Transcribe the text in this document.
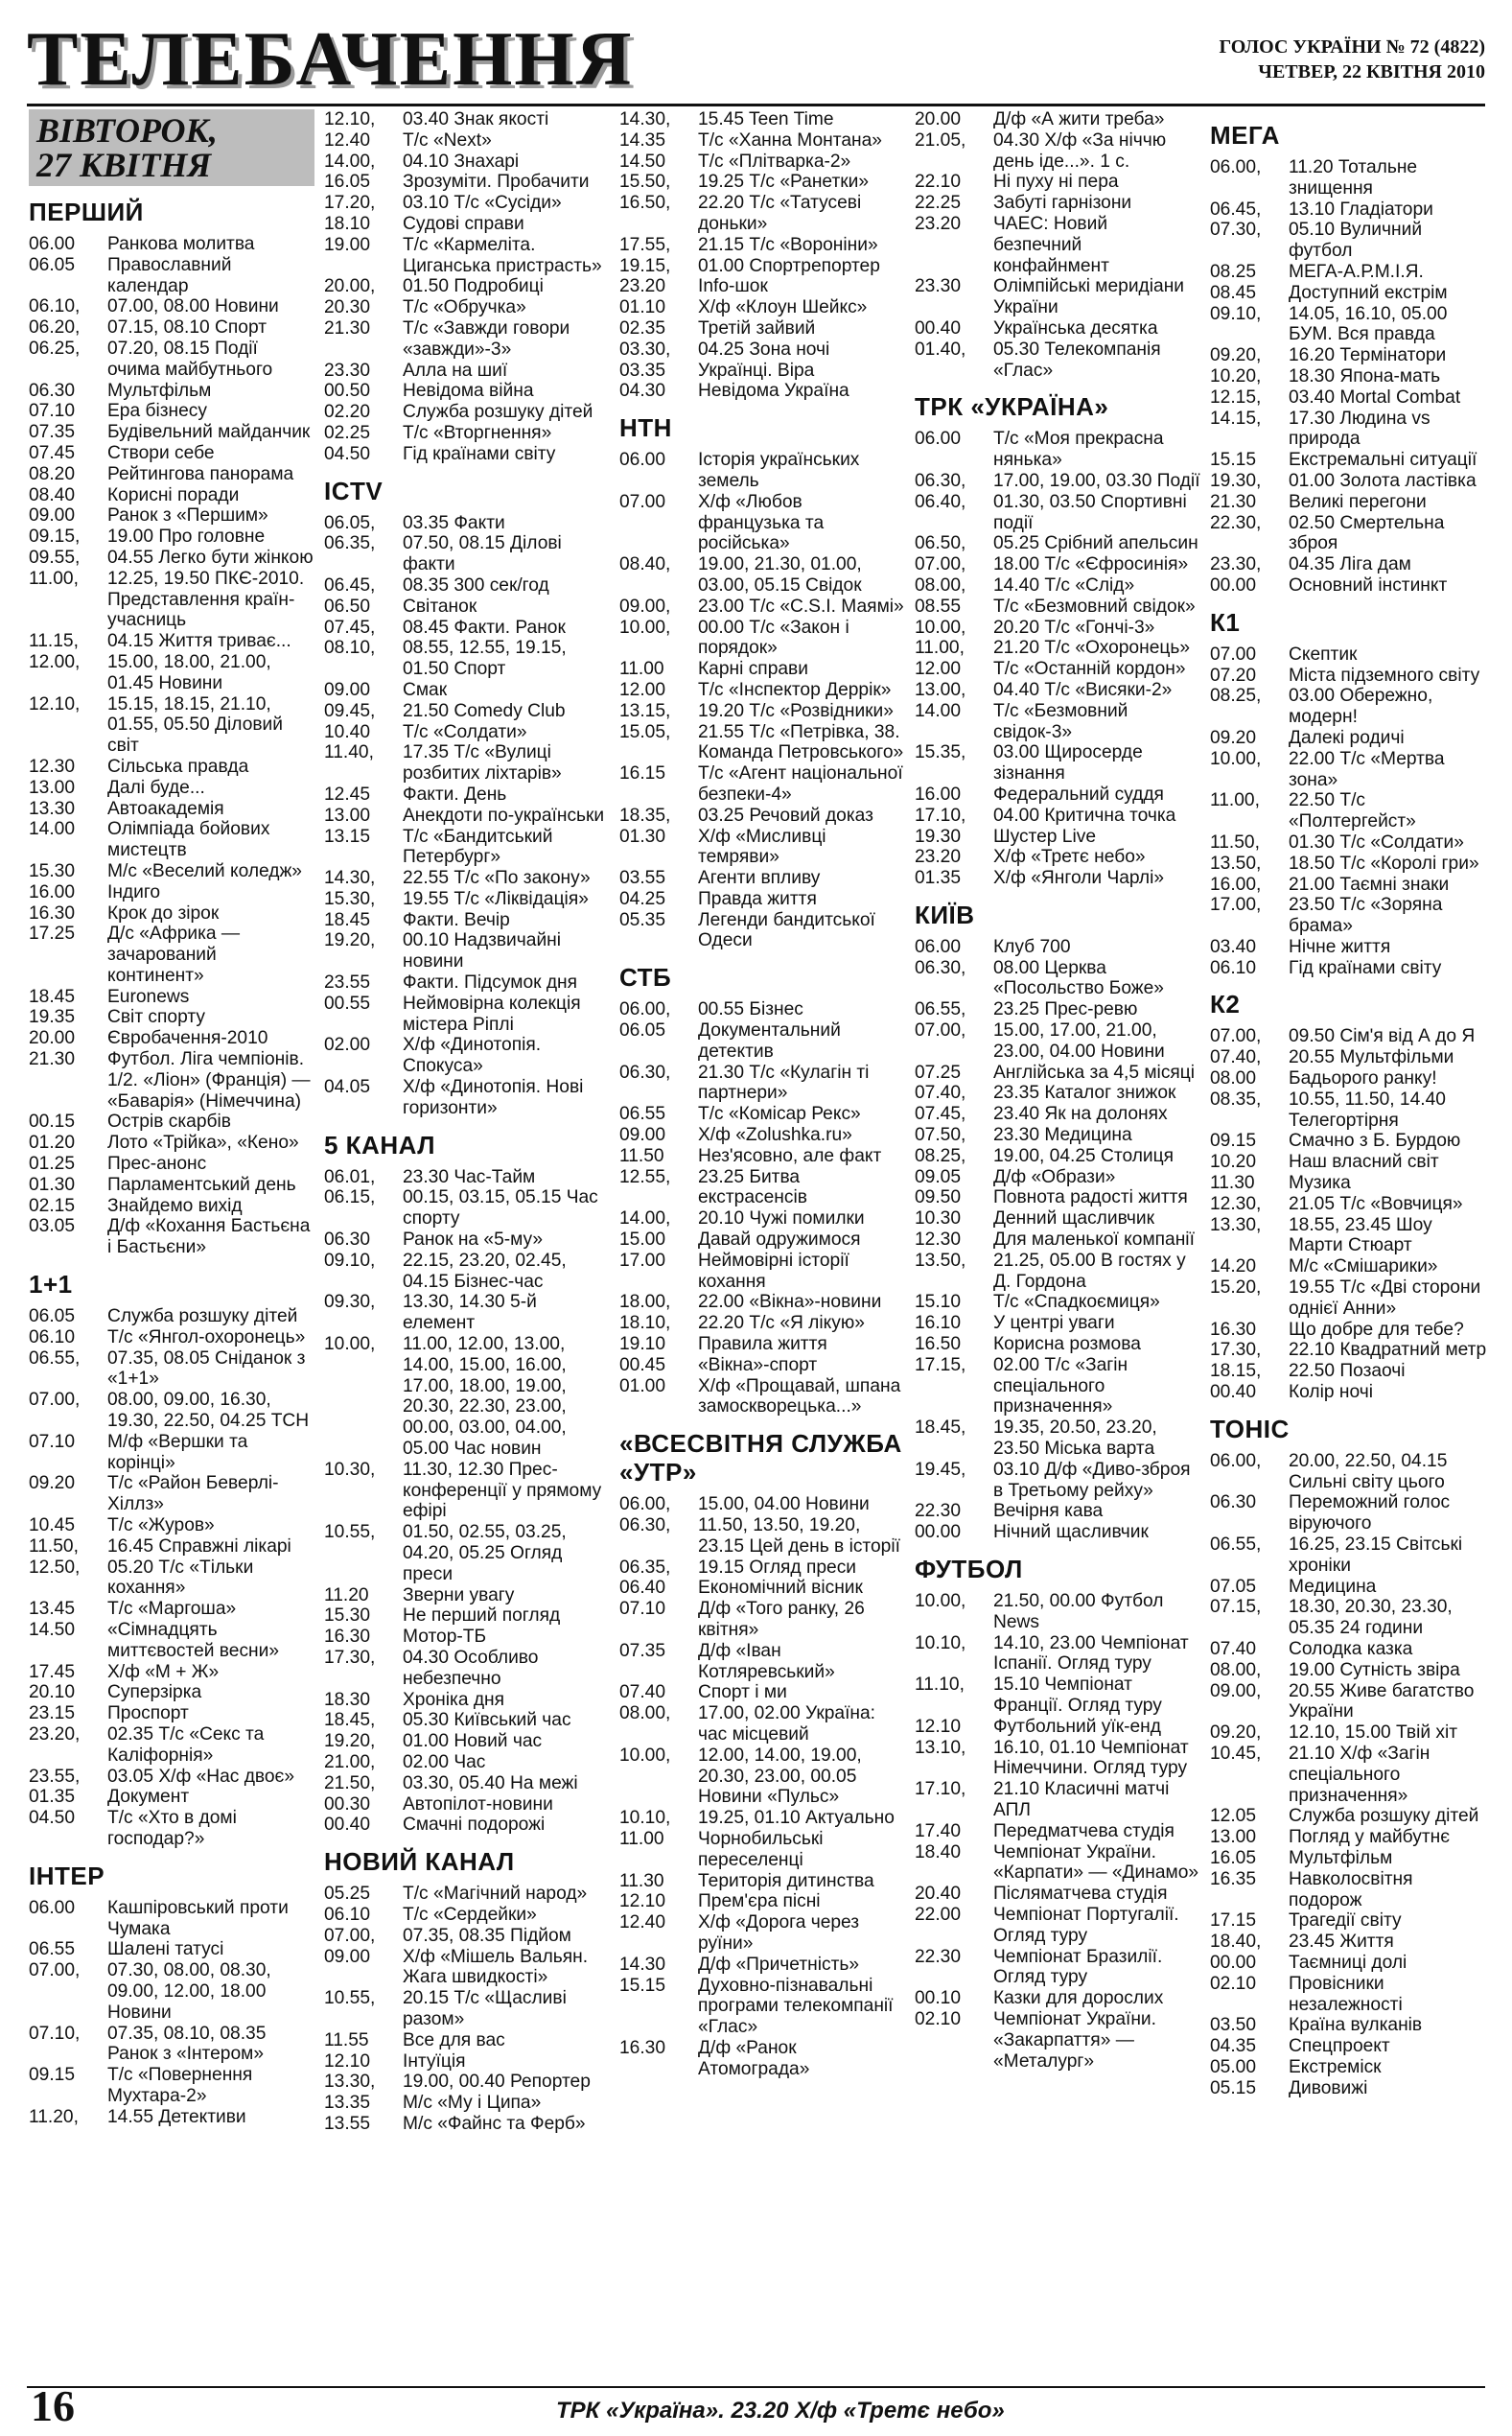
ТЕЛЕБАЧЕННЯ	ГОЛОС УКРАЇНИ № 72 (4822)
ЧЕТВЕР, 22 КВІТНЯ 2010
ВІВТОРОК,
27 КВІТНЯ
ПЕРШИЙ
06.00	Ранкова молитва
06.05	Православний календар
06.10,	07.00, 08.00 Новини
06.20,	07.15, 08.10 Спорт
06.25,	07.20, 08.15 Події очима майбутнього
06.30	Мультфільм
07.10	Ера бізнесу
07.35	Будівельний майданчик
07.45	Створи себе
08.20	Рейтингова панорама
08.40	Корисні поради
09.00	Ранок з «Першим»
09.15,	19.00 Про головне
09.55,	04.55 Легко бути жінкою
11.00,	12.25, 19.50 ПКЄ-2010. Представлення країн-учасниць
11.15,	04.15 Життя триває...
12.00,	15.00, 18.00, 21.00, 01.45 Новини
12.10,	15.15, 18.15, 21.10, 01.55, 05.50 Діловий світ
12.30	Сільська правда
13.00	Далі буде...
13.30	Автоакадемія
14.00	Олімпіада бойових мистецтв
15.30	М/с «Веселий коледж»
16.00	Індиго
16.30	Крок до зірок
17.25	Д/с «Африка — зачарований континент»
18.45	Euronews
19.35	Світ спорту
20.00	Євробачення-2010
21.30	Футбол. Ліга чемпіонів. 1/2. «Ліон» (Франція) — «Баварія» (Німеччина)
00.15	Острів скарбів
01.20	Лото «Трійка», «Кено»
01.25	Прес-анонс
01.30	Парламентський день
02.15	Знайдемо вихід
03.05	Д/ф «Кохання Бастьєна і Бастьєни»
1+1
06.05	Служба розшуку дітей
06.10	Т/с «Янгол-охоронець»
06.55,	07.35, 08.05 Сніданок з «1+1»
07.00,	08.00, 09.00, 16.30, 19.30, 22.50, 04.25 ТСН
07.10	М/ф «Вершки та корінці»
09.20	Т/с «Район Беверлі-Хіллз»
10.45	Т/с «Журов»
11.50,	16.45 Справжні лікарі
12.50,	05.20 Т/с «Тільки кохання»
13.45	Т/с «Маргоша»
14.50	«Сімнадцять миттєвостей весни»
17.45	Х/ф «М + Ж»
20.10	Суперзірка
23.15	Проспорт
23.20,	02.35 Т/с «Секс та Каліфорнія»
23.55,	03.05 Х/ф «Нас двоє»
01.35	Документ
04.50	Т/с «Хто в домі господар?»
ІНТЕР
06.00	Кашпіровський проти Чумака
06.55	Шалені татусі
07.00,	07.30, 08.00, 08.30, 09.00, 12.00, 18.00 Новини
07.10,	07.35, 08.10, 08.35 Ранок з «Інтером»
09.15	Т/с «Повернення Мухтара-2»
11.20,	14.55 Детективи
12.10,	03.40 Знак якості
12.40	Т/с «Next»
14.00,	04.10 Знахарі
16.05	Зрозуміти. Пробачити
17.20,	03.10 Т/с «Сусіди»
18.10	Судові справи
19.00	Т/с «Кармеліта. Циганська пристрасть»
20.00,	01.50 Подробиці
20.30	Т/с «Обручка»
21.30	Т/с «Завжди говори «завжди»-3»
23.30	Алла на шиї
00.50	Невідома війна
02.20	Служба розшуку дітей
02.25	Т/с «Вторгнення»
04.50	Гід країнами світу
ICTV
06.05,	03.35 Факти
06.35,	07.50, 08.15 Ділові факти
06.45,	08.35 300 сек/год
06.50	Світанок
07.45,	08.45 Факти. Ранок
08.10,	08.55, 12.55, 19.15, 01.50 Спорт
09.00	Смак
09.45,	21.50 Comedy Club
10.40	Т/с «Солдати»
11.40,	17.35 Т/с «Вулиці розбитих ліхтарів»
12.45	Факти. День
13.00	Анекдоти по-українськи
13.15	Т/с «Бандитський Петербург»
14.30,	22.55 Т/с «По закону»
15.30,	19.55 Т/с «Ліквідація»
18.45	Факти. Вечір
19.20,	00.10 Надзвичайні новини
23.55	Факти. Підсумок дня
00.55	Неймовірна колекція містера Ріплі
02.00	Х/ф «Динотопія. Спокуса»
04.05	Х/ф «Динотопія. Нові горизонти»
5 КАНАЛ
06.01,	23.30 Час-Тайм
06.15,	00.15, 03.15, 05.15 Час спорту
06.30	Ранок на «5-му»
09.10,	22.15, 23.20, 02.45, 04.15 Бізнес-час
09.30,	13.30, 14.30 5-й елемент
10.00,	11.00, 12.00, 13.00, 14.00, 15.00, 16.00, 17.00, 18.00, 19.00, 20.30, 22.30, 23.00, 00.00, 03.00, 04.00, 05.00 Час новин
10.30,	11.30, 12.30 Прес-конференції у прямому ефірі
10.55,	01.50, 02.55, 03.25, 04.20, 05.25 Огляд преси
11.20	Зверни увагу
15.30	Не перший погляд
16.30	Мотор-ТБ
17.30,	04.30 Особливо небезпечно
18.30	Хроніка дня
18.45,	05.30 Київський час
19.20,	01.00 Новий час
21.00,	02.00 Час
21.50,	03.30, 05.40 На межі
00.30	Автопілот-новини
00.40	Смачні подорожі
НОВИЙ КАНАЛ
05.25	Т/с «Магічний народ»
06.10	Т/с «Сердейки»
07.00,	07.35, 08.35 Підйом
09.00	Х/ф «Мішель Вальян. Жага швидкості»
10.55,	20.15 Т/с «Щасливі разом»
11.55	Все для вас
12.10	Інтуїція
13.30,	19.00, 00.40 Репортер
13.35	М/с «Му і Ципа»
13.55	М/с «Файнс та Ферб»
14.30,	15.45 Teen Time
14.35	Т/с «Ханна Монтана»
14.50	Т/с «Плітварка-2»
15.50,	19.25 Т/с «Ранетки»
16.50,	22.20 Т/с «Татусеві доньки»
17.55,	21.15 Т/с «Вороніни»
19.15,	01.00 Спортрепортер
23.20	Info-шок
01.10	Х/ф «Клоун Шейкс»
02.35	Третій зайвий
03.30,	04.25 Зона ночі
03.35	Українці. Віра
04.30	Невідома Україна
НТН
06.00	Історія українських земель
07.00	Х/ф «Любов французька та російська»
08.40,	19.00, 21.30, 01.00, 03.00, 05.15 Свідок
09.00,	23.00 Т/с «C.S.I. Маямі»
10.00,	00.00 Т/с «Закон і порядок»
11.00	Карні справи
12.00	Т/с «Інспектор Деррік»
13.15,	19.20 Т/с «Розвідники»
15.05,	21.55 Т/с «Петрівка, 38. Команда Петровського»
16.15	Т/с «Агент національної безпеки-4»
18.35,	03.25 Речовий доказ
01.30	Х/ф «Мисливці темряви»
03.55	Агенти впливу
04.25	Правда життя
05.35	Легенди бандитської Одеси
СТБ
06.00,	00.55 Бізнес
06.05	Документальний детектив
06.30,	21.30 Т/с «Кулагін ті партнери»
06.55	Т/с «Комісар Рекс»
09.00	Х/ф «Zolushka.ru»
11.50	Нез'ясовно, але факт
12.55,	23.25 Битва екстрасенсів
14.00,	20.10 Чужі помилки
15.00	Давай одружимося
17.00	Неймовірні історії кохання
18.00,	22.00 «Вікна»-новини
18.10,	22.20 Т/с «Я лікую»
19.10	Правила життя
00.45	«Вікна»-спорт
01.00	Х/ф «Прощавай, шпана замоскворецька...»
«ВСЕСВІТНЯ СЛУЖБА «УТР»
06.00,	15.00, 04.00 Новини
06.30,	11.50, 13.50, 19.20, 23.15 Цей день в історії
06.35,	19.15 Огляд преси
06.40	Економічний вісник
07.10	Д/ф «Того ранку, 26 квітня»
07.35	Д/ф «Іван Котляревський»
07.40	Спорт і ми
08.00,	17.00, 02.00 Україна: час місцевий
10.00,	12.00, 14.00, 19.00, 20.30, 23.00, 00.05 Новини «Пульс»
10.10,	19.25, 01.10 Актуально
11.00	Чорнобильські переселенці
11.30	Територія дитинства
12.10	Прем'єра пісні
12.40	Х/ф «Дорога через руїни»
14.30	Д/ф «Причетність»
15.15	Духовно-пізнавальні програми телекомпанії «Глас»
16.30	Д/ф «Ранок Атомограда»
20.00	Д/ф «А жити треба»
21.05,	04.30 Х/ф «За ніччю день іде...». 1 с.
22.10	Ні пуху ні пера
22.25	Забуті гарнізони
23.20	ЧАЕС: Новий безпечний конфайнмент
23.30	Олімпійські меридіани України
00.40	Українська десятка
01.40,	05.30 Телекомпанія «Глас»
ТРК «УКРАЇНА»
06.00	Т/с «Моя прекрасна нянька»
06.30,	17.00, 19.00, 03.30 Події
06.40,	01.30, 03.50 Спортивні події
06.50,	05.25 Срібний апельсин
07.00,	18.00 Т/с «Єфросинія»
08.00,	14.40 Т/с «Слід»
08.55	Т/с «Безмовний свідок»
10.00,	20.20 Т/с «Гончі-3»
11.00,	21.20 Т/с «Охоронець»
12.00	Т/с «Останній кордон»
13.00,	04.40 Т/с «Висяки-2»
14.00	Т/с «Безмовний свідок-3»
15.35,	03.00 Щиросерде зізнання
16.00	Федеральний суддя
17.10,	04.00 Критична точка
19.30	Шустер Live
23.20	Х/ф «Третє небо»
01.35	Х/ф «Янголи Чарлі»
КИЇВ
06.00	Клуб 700
06.30,	08.00 Церква «Посольство Боже»
06.55,	23.25 Прес-ревю
07.00,	15.00, 17.00, 21.00, 23.00, 04.00 Новини
07.25	Англійська за 4,5 місяці
07.40,	23.35 Каталог знижок
07.45,	23.40 Як на долонях
07.50,	23.30 Медицина
08.25,	19.00, 04.25 Столиця
09.05	Д/ф «Образи»
09.50	Повнота радості життя
10.30	Денний щасливчик
12.30	Для маленької компанії
13.50,	21.25, 05.00 В гостях у Д. Гордона
15.10	Т/с «Спадкоємиця»
16.10	У центрі уваги
16.50	Корисна розмова
17.15,	02.00 Т/с «Загін спеціального призначення»
18.45,	19.35, 20.50, 23.20, 23.50 Міська варта
19.45,	03.10 Д/ф «Диво-зброя в Третьому рейху»
22.30	Вечірня кава
00.00	Нічний щасливчик
ФУТБОЛ
10.00,	21.50, 00.00 Футбол News
10.10,	14.10, 23.00 Чемпіонат Іспанії. Огляд туру
11.10,	15.10 Чемпіонат Франції. Огляд туру
12.10	Футбольний уїк-енд
13.10,	16.10, 01.10 Чемпіонат Німеччини. Огляд туру
17.10,	21.10 Класичні матчі АПЛ
17.40	Передматчева студія
18.40	Чемпіонат України. «Карпати» — «Динамо»
20.40	Післяматчева студія
22.00	Чемпіонат Португалії. Огляд туру
22.30	Чемпіонат Бразилії. Огляд туру
00.10	Казки для дорослих
02.10	Чемпіонат України. «Закарпаття» — «Металург»
МЕГА
06.00,	11.20 Тотальне знищення
06.45,	13.10 Гладіатори
07.30,	05.10 Вуличний футбол
08.25	МЕГА-А.Р.М.І.Я.
08.45	Доступний екстрім
09.10,	14.05, 16.10, 05.00 БУМ. Вся правда
09.20,	16.20 Термінатори
10.20,	18.30 Япона-мать
12.15,	03.40 Mortal Combat
14.15,	17.30 Людина vs природа
15.15	Екстремальні ситуації
19.30,	01.00 Золота ластівка
21.30	Великі перегони
22.30,	02.50 Смертельна зброя
23.30,	04.35 Ліга дам
00.00	Основний інстинкт
К1
07.00	Скептик
07.20	Міста підземного світу
08.25,	03.00 Обережно, модерн!
09.20	Далекі родичі
10.00,	22.00 Т/с «Мертва зона»
11.00,	22.50 Т/с «Полтергейст»
11.50,	01.30 Т/с «Солдати»
13.50,	18.50 Т/с «Королі гри»
16.00,	21.00 Таємні знаки
17.00,	23.50 Т/с «Зоряна брама»
03.40	Нічне життя
06.10	Гід країнами світу
К2
07.00,	09.50 Сім'я від А до Я
07.40,	20.55 Мультфільми
08.00	Бадьорого ранку!
08.35,	10.55, 11.50, 14.40 Телегортірня
09.15	Смачно з Б. Бурдою
10.20	Наш власний світ
11.30	Музика
12.30,	21.05 Т/с «Вовчиця»
13.30,	18.55, 23.45 Шоу Марти Стюарт
14.20	М/с «Смішарики»
15.20,	19.55 Т/с «Дві сторони однієї Анни»
16.30	Що добре для тебе?
17.30,	22.10 Квадратний метр
18.15,	22.50 Позаочі
00.40	Колір ночі
ТОНІС
06.00,	20.00, 22.50, 04.15 Сильні світу цього
06.30	Переможний голос віруючого
06.55,	16.25, 23.15 Світські хроніки
07.05	Медицина
07.15,	18.30, 20.30, 23.30, 05.35 24 години
07.40	Солодка казка
08.00,	19.00 Сутність звіра
09.00,	20.55 Живе багатство України
09.20,	12.10, 15.00 Твій хіт
10.45,	21.10 Х/ф «Загін спеціального призначення»
12.05	Служба розшуку дітей
13.00	Погляд у майбутнє
16.05	Мультфільм
16.35	Навколосвітня подорож
17.15	Трагедії світу
18.40,	23.45 Життя
00.00	Таємниці долі
02.10	Провісники незалежності
03.50	Країна вулканів
04.35	Спецпроект
05.00	Екстреміск
05.15	Дивовижі
16	ТРК «Україна». 23.20 Х/ф «Третє небо»
